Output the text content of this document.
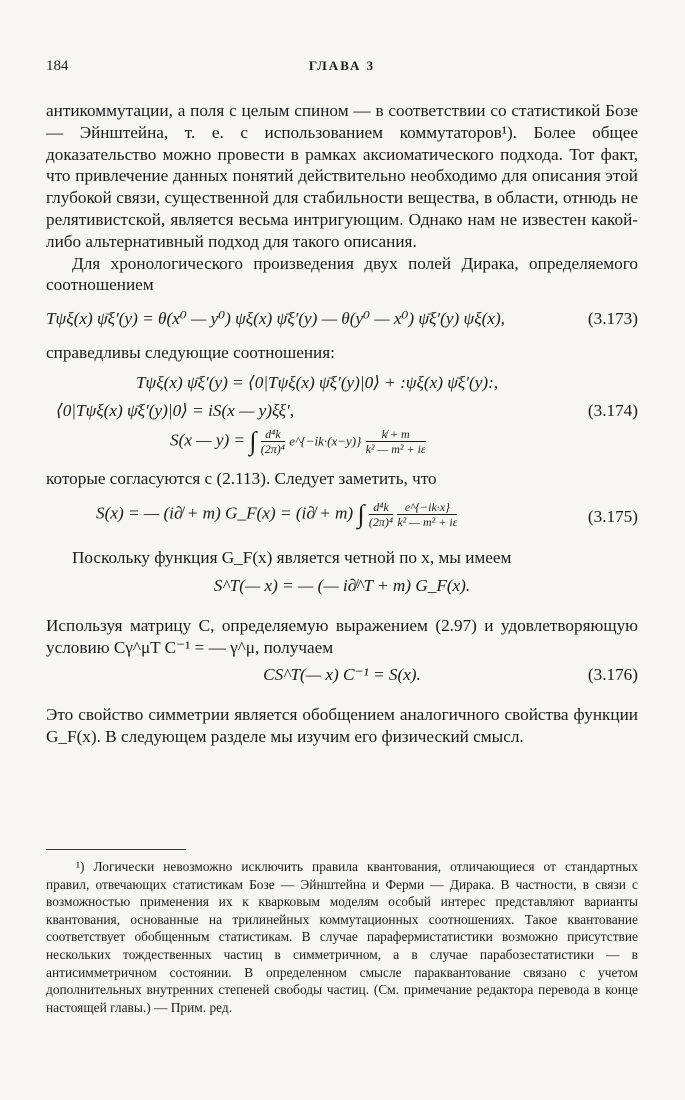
184	ГЛАВА 3

антикоммутации, а поля с целым спином — в соответствии со статистикой Бозе — Эйнштейна, т. е. с использованием коммутаторов¹). Более общее доказательство можно провести в рамках аксиоматического подхода. Тот факт, что привлечение данных понятий действительно необходимо для описания этой глубокой связи, существенной для стабильности вещества, в области, отнюдь не релятивистской, является весьма интригующим. Однако нам не известен какой-либо альтернативный подход для такого описания.

Для хронологического произведения двух полей Дирака, определяемого соотношением

Tψξ(x) ψ̄ξ′(y) = θ(x⁰ — y⁰) ψξ(x) ψ̄ξ′(y) — θ(y⁰ — x⁰) ψ̄ξ′(y) ψξ(x),	(3.173)

справедливы следующие соотношения:

Tψξ(x) ψ̄ξ′(y) = ⟨0|Tψξ(x) ψ̄ξ′(y)|0⟩ + :ψξ(x) ψ̄ξ′(y):,
⟨0|Tψξ(x) ψ̄ξ′(y)|0⟩ = iS(x — y)ξξ′,	(3.174)
S(x — y) = ∫ $\frac{\text{d⁴k}}{\text{(2π)⁴}}$ e^{−ik·(x−y)} $\frac{k̸ + m}{\text{k² — m² + iε}}$

которые согласуются с (2.113). Следует заметить, что

S(x) = — (i∂̸ + m) G_F(x) = (i∂̸ + m) ∫ $\frac{\text{d⁴k}}{\text{(2π)⁴}}$
$\frac{e\^{}\{-ik\cdot x\}}{\text{k² — m² + iε}}$	(3.175)

Поскольку функция G_F(x) является четной по x, мы имеем

S^T(— x) = — (— i∂̸^T + m) G_F(x).

Используя матрицу C, определяемую выражением (2.97) и удовлетворяющую условию Cγ^μT C⁻¹ = — γ^μ, получаем

CS^T(— x) C⁻¹ = S(x).	(3.176)

Это свойство симметрии является обобщением аналогичного свойства функции G_F(x). В следующем разделе мы изучим его физический смысл.

¹) Логически невозможно исключить правила квантования, отличающиеся от стандартных правил, отвечающих статистикам Бозе — Эйнштейна и Ферми — Дирака. В частности, в связи с возможностью применения их к кварковым моделям особый интерес представляют варианты квантования, основанные на трилинейных коммутационных соотношениях. Такое квантование соответствует обобщенным статистикам. В случае парафермистатистики возможно присутствие нескольких тождественных частиц в симметричном, а в случае парабозестатистики — в антисимметричном состоянии. В определенном смысле параквантование связано с учетом дополнительных внутренних степеней свободы частиц. (См. примечание редактора перевода в конце настоящей главы.) — Прим. ред.
